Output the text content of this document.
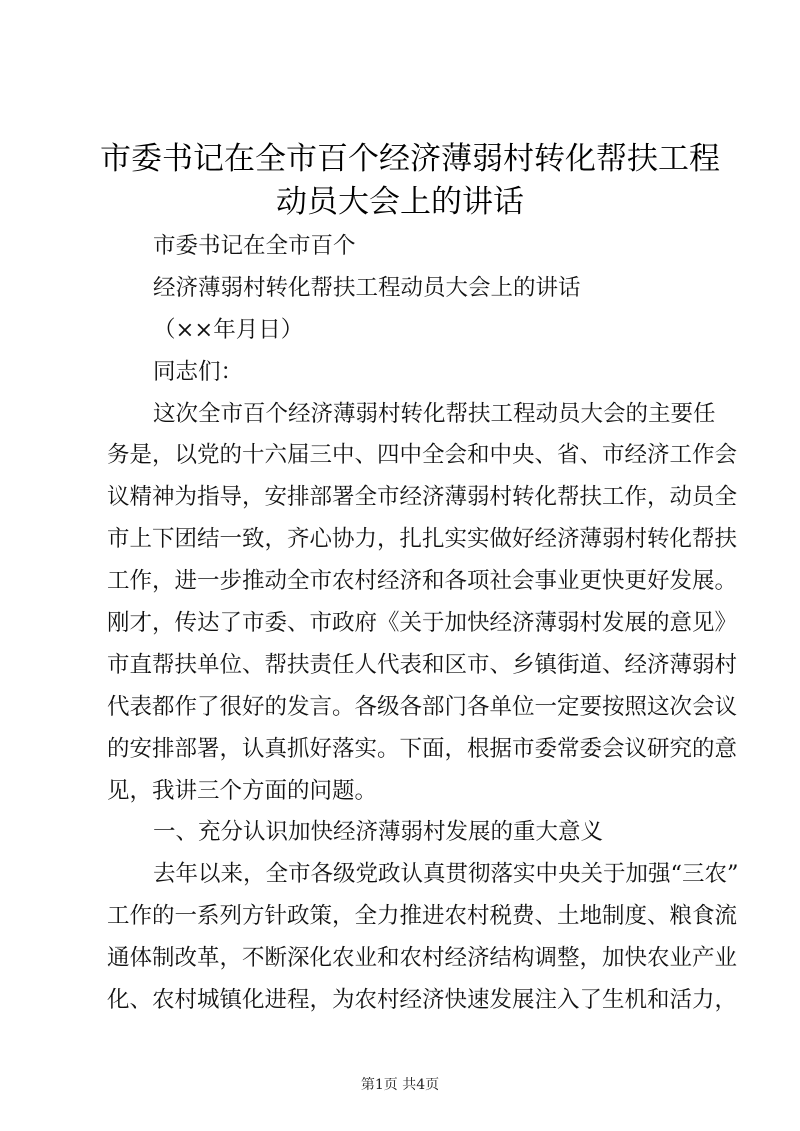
市委书记在全市百个经济薄弱村转化帮扶工程
动员大会上的讲话
市委书记在全市百个
经济薄弱村转化帮扶工程动员大会上的讲话
（××年月日）
同志们：
这次全市百个经济薄弱村转化帮扶工程动员大会的主要任
务是，以党的十六届三中、四中全会和中央、省、市经济工作会
议精神为指导，安排部署全市经济薄弱村转化帮扶工作，动员全
市上下团结一致，齐心协力，扎扎实实做好经济薄弱村转化帮扶
工作，进一步推动全市农村经济和各项社会事业更快更好发展。
刚才，传达了市委、市政府《关于加快经济薄弱村发展的意见》
市直帮扶单位、帮扶责任人代表和区市、乡镇街道、经济薄弱村
代表都作了很好的发言。各级各部门各单位一定要按照这次会议
的安排部署，认真抓好落实。下面，根据市委常委会议研究的意
见，我讲三个方面的问题。
一、充分认识加快经济薄弱村发展的重大意义
去年以来，全市各级党政认真贯彻落实中央关于加强“三农”
工作的一系列方针政策，全力推进农村税费、土地制度、粮食流
通体制改革，不断深化农业和农村经济结构调整，加快农业产业
化、农村城镇化进程，为农村经济快速发展注入了生机和活力，
第1页 共4页
